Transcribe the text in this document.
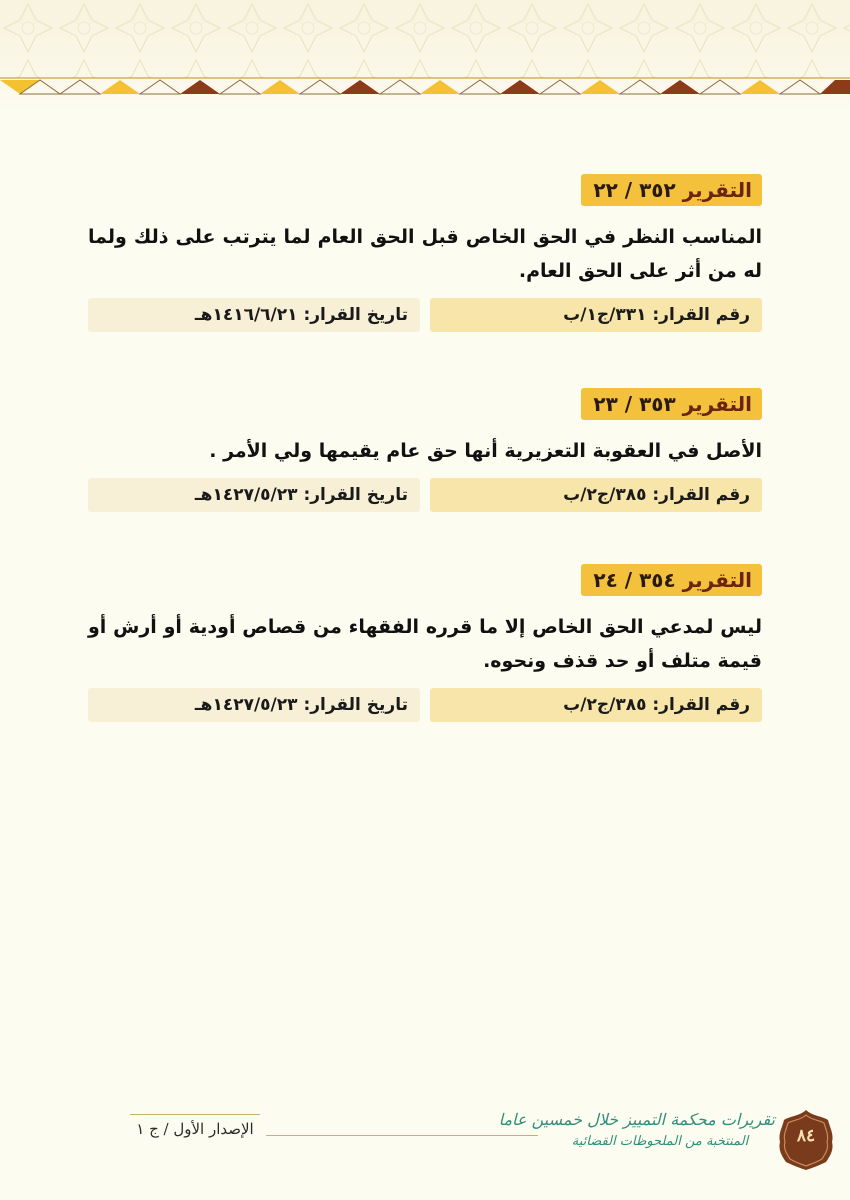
التقرير ٣٥٢ / ٢٢
المناسب النظر في الحق الخاص قبل الحق العام لما يترتب على ذلك ولما له من أثر على الحق العام.
رقم القرار: ٣٣١/ج١/ب
تاريخ القرار: ١٤١٦/٦/٢١هـ
التقرير ٣٥٣ / ٢٣
الأصل في العقوبة التعزيرية أنها حق عام يقيمها ولي الأمر .
رقم القرار: ٣٨٥/ج٢/ب
تاريخ القرار: ١٤٢٧/٥/٢٣هـ
التقرير ٣٥٤ / ٢٤
ليس لمدعي الحق الخاص إلا ما قرره الفقهاء من قصاص أودية أو أرش أو قيمة متلف أو حد قذف ونحوه.
رقم القرار: ٣٨٥/ج٢/ب
تاريخ القرار: ١٤٢٧/٥/٢٣هـ
الإصدار الأول / ج ١	تقريرات محكمة التمييز خلال خمسين عاما
المنتخبة من الملحوظات القضائية	٨٤
